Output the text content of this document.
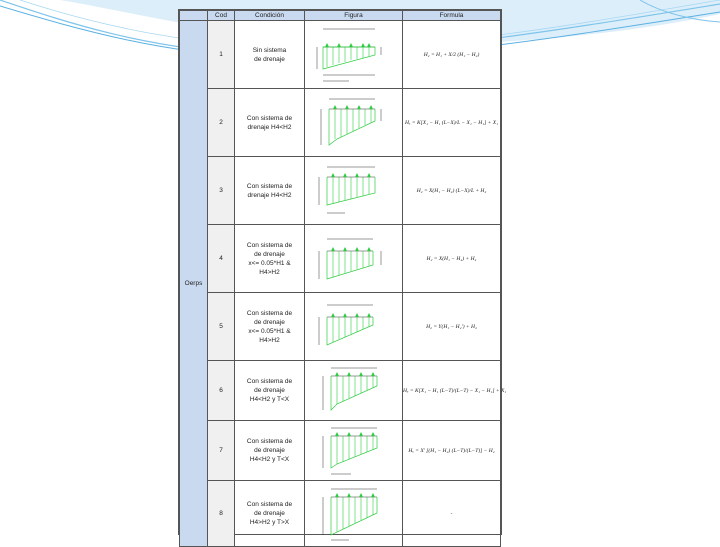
	Cod	Condición	Figura	Formula
Oerps	1	Sin sistema
de drenaje		H₂ = H₁ + X/2 (H₁ − H₂)
	2	Con sistema de
drenaje H4<H2		Hₓ = K[X₁ − H₁ (L−X)/L − X₁ − H₁] + X₁
	3	Con sistema de
drenaje H4<H2		H₂ = X(H₁ − H₂) (L−X)/L + H₂
	4	Con sistema de
de drenaje
x<= 0.05*H1 &
H4>H2		H₂ = X(H₁ − H₄) + H₄
	5	Con sistema de
de drenaje
x<= 0.05*H1 &
H4>H2		H₂ = Y(H₁ − H₂') + H₂
	6	Con sistema de
de drenaje
H4<H2 y T<X		Hₓ = K[X₁ − H₁ (L−T)/(L−T) − X₁ − H₁] + X₁
	7	Con sistema de
de drenaje
H4<H2 y T<X		Hₓ = X' [(H₁ − H₂) (L−T)/(L−T)] − H₂
	8	Con sistema de
de drenaje
H4>H2 y T>X		-
